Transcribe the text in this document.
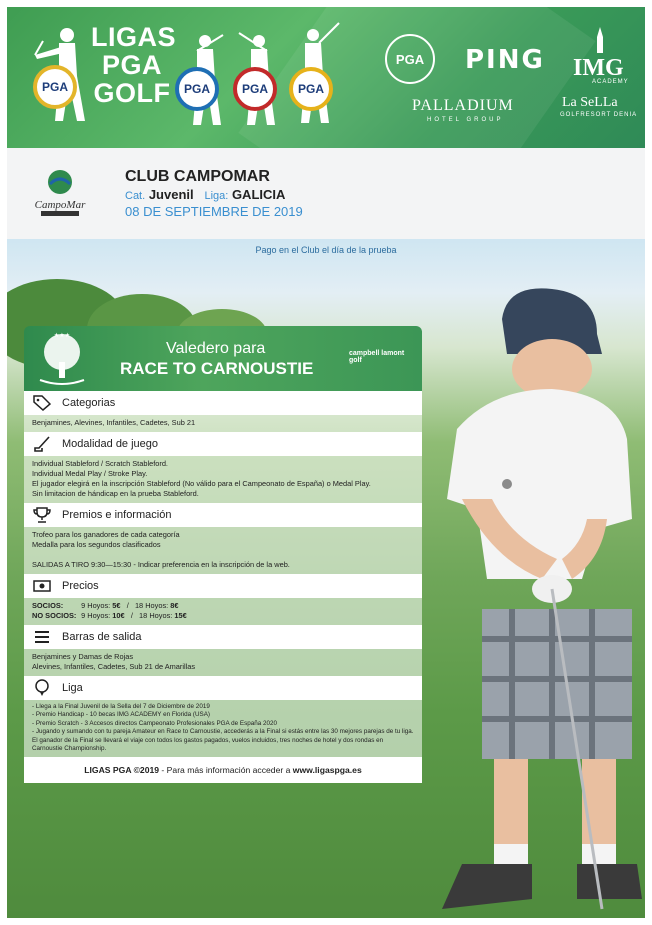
PGA
LIGAS
PGA
GOLF	PGA	PGA	PGA
PGA	PING IMG
ACADEMY
PALLADIUM
HOTEL GROUP
La SeLLa
GOLFRESORT DENIA
CampoMar
CLUB CAMPOMAR
Cat. Juvenil Liga: GALICIA
08 DE SEPTIEMBRE DE 2019
Pago en el Club el día de la prueba
★★★
Valedero para
RACE TO CARNOUSTIE
campbell lamont golf
Categorias
Benjamines, Alevines, Infantiles, Cadetes, Sub 21
Modalidad de juego
Individual Stableford / Scratch Stableford.
Individual Medal Play / Stroke Play.
El jugador elegirá en la inscripción Stableford (No válido para el Campeonato de España) o Medal Play.
Sin limitacion de hándicap en la prueba Stableford.
Premios e información
Trofeo para los ganadores de cada categoría
Medalla para los segundos clasificados
SALIDAS A TIRO 9:30—15:30 - Indicar preferencia en la inscripción de la web.
Precios
SOCIOS: 9 Hoyos: 5€ / 18 Hoyos: 8€
NO SOCIOS: 9 Hoyos: 10€ / 18 Hoyos: 15€
Barras de salida
Benjamines y Damas de Rojas
Alevines, Infantiles, Cadetes, Sub 21 de Amarillas
Liga
- Llega a la Final Juvenil de la Sella del 7 de Diciembre de 2019
- Premio Handicap - 10 becas IMG ACADEMY en Florida (USA)
- Premio Scratch - 3 Accesos directos Campeonato Profesionales PGA de España 2020
- Jugando y sumando con tu pareja Amateur en Race to Carnoustie, accederás a la Final si estás entre las 30 mejores parejas de tu liga. El ganador de la Final se llevará el viaje con todos los gastos pagados, vuelos incluidos, tres noches de hotel y dos rondas en Carnoustie Championship.
LIGAS PGA ©2019 - Para más información acceder a www.ligaspga.es
